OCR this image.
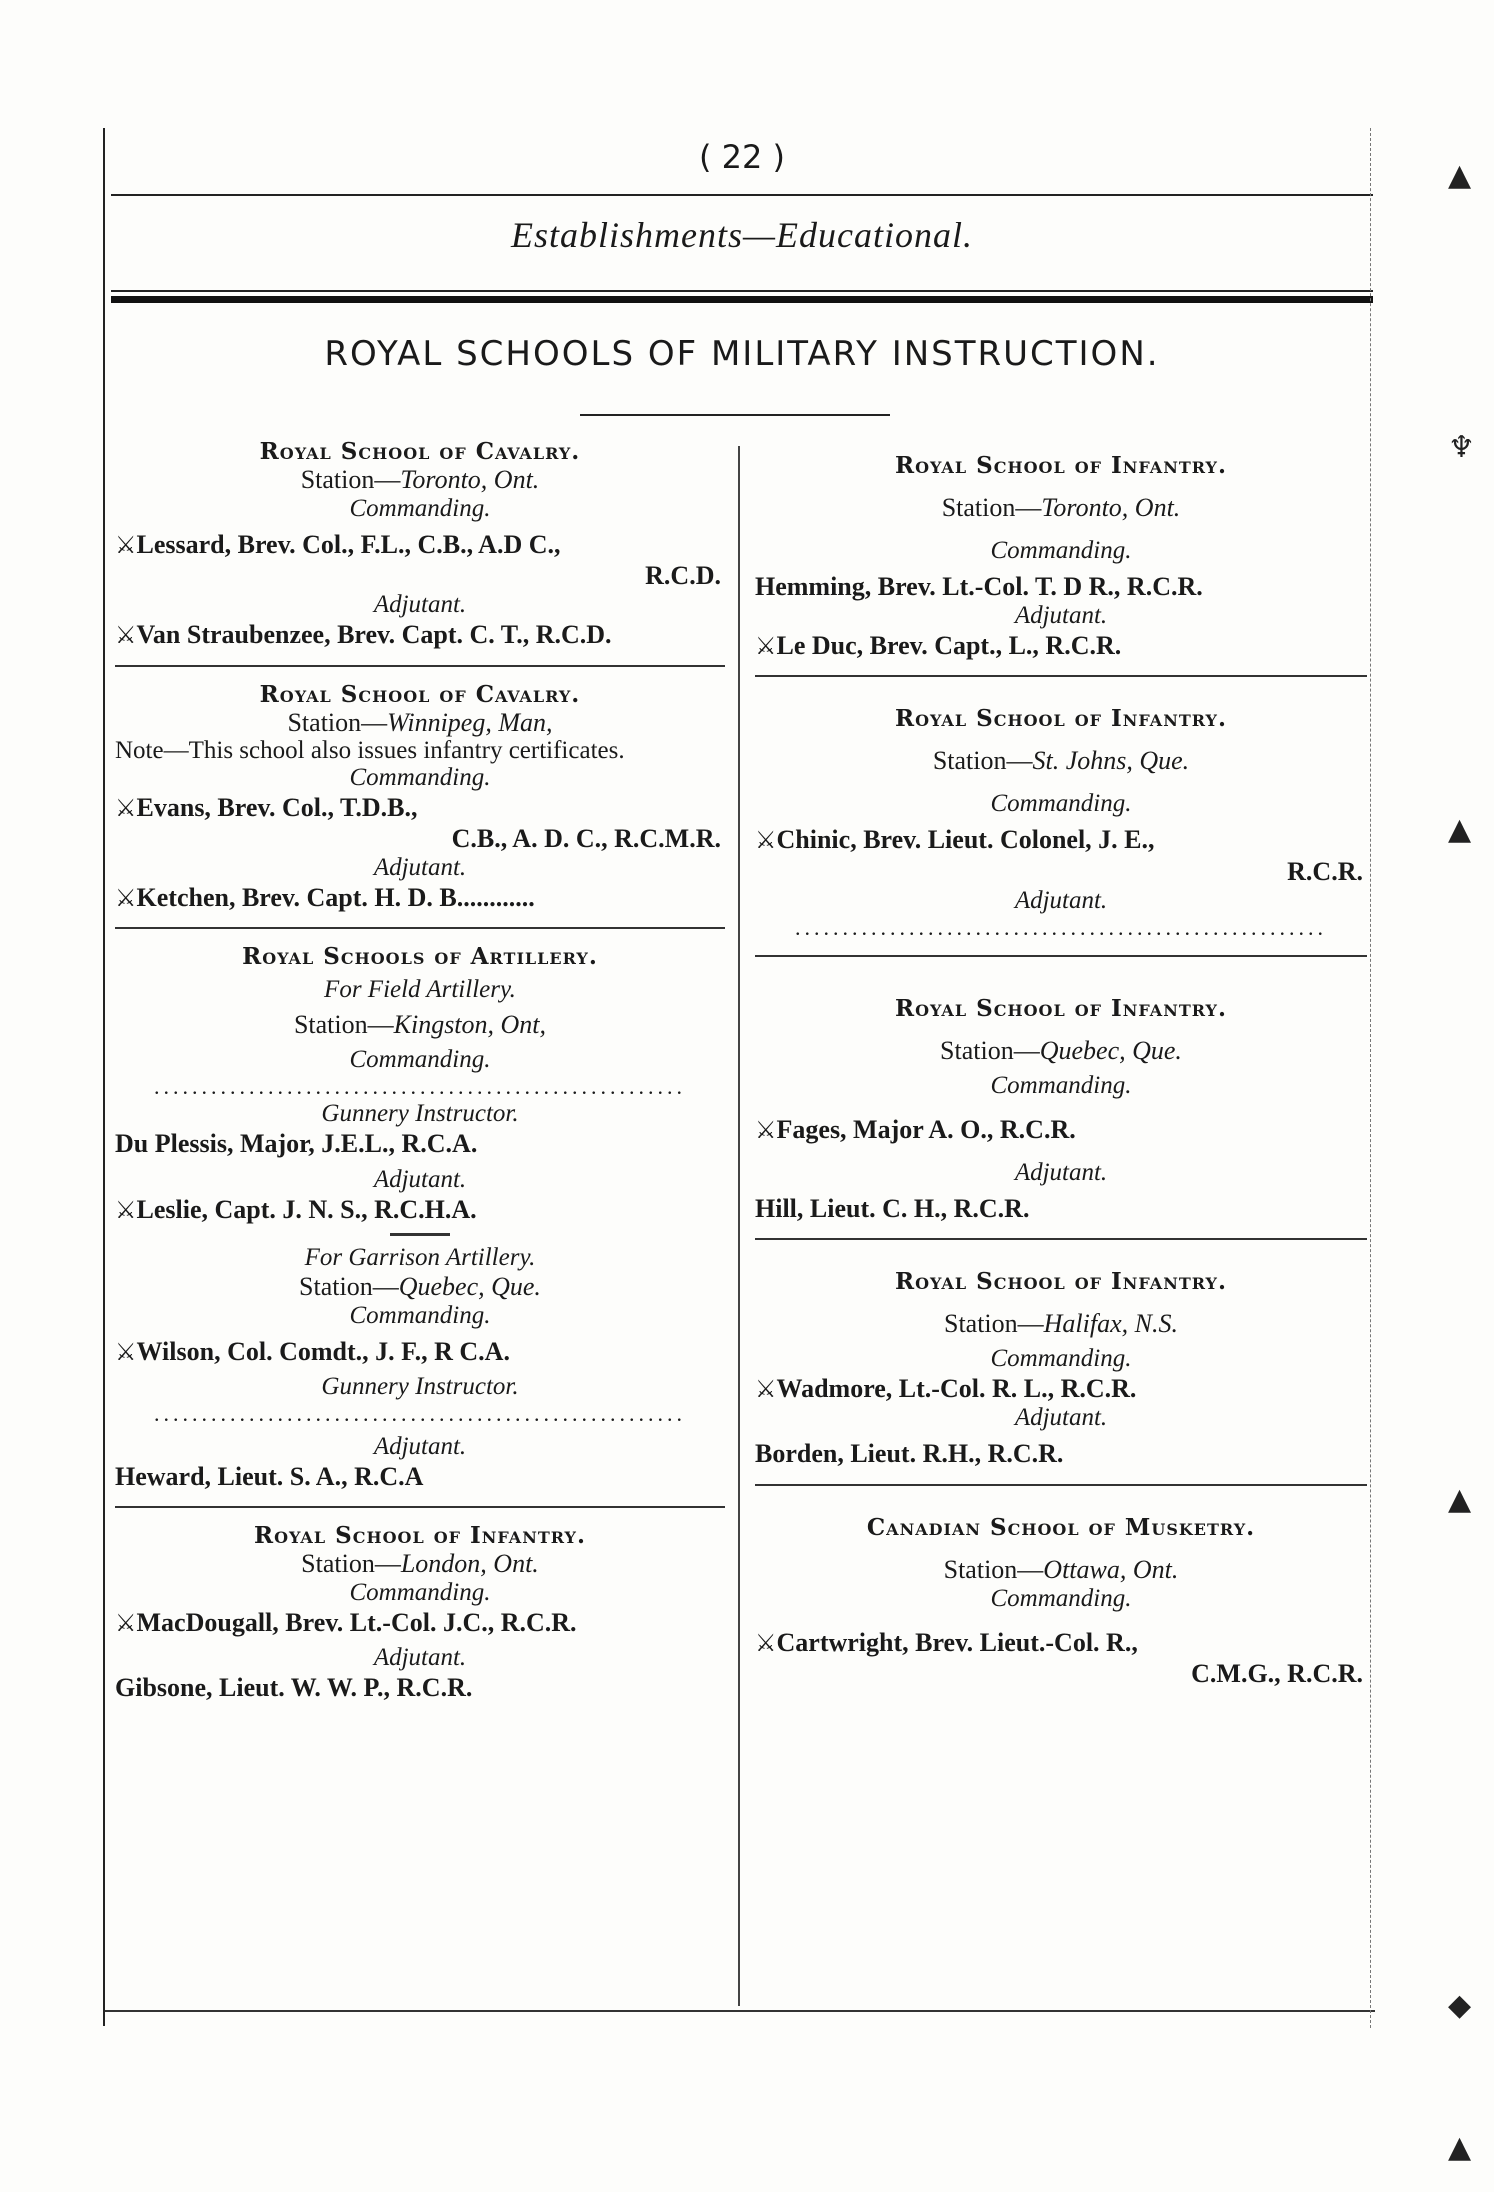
( 22 )
Establishments—Educational.
ROYAL SCHOOLS OF MILITARY INSTRUCTION.
Royal School of Cavalry.
Station—Toronto, Ont.
Commanding.
⚔Lessard, Brev. Col., F.L., C.B., A.D C.,
R.C.D.
Adjutant.
⚔Van Straubenzee, Brev. Capt. C. T., R.C.D.
Royal School of Cavalry.
Station—Winnipeg, Man,
Note—This school also issues infantry certificates.
Commanding.
⚔Evans, Brev. Col., T.D.B.,
C.B., A. D. C., R.C.M.R.
Adjutant.
⚔Ketchen, Brev. Capt. H. D. B............
Royal Schools of Artillery.
For Field Artillery.
Station—Kingston, Ont,
Commanding.
........................................................
Gunnery Instructor.
Du Plessis, Major, J.E.L., R.C.A.
Adjutant.
⚔Leslie, Capt. J. N. S., R.C.H.A.
For Garrison Artillery.
Station—Quebec, Que.
Commanding.
⚔Wilson, Col. Comdt., J. F., R C.A.
Gunnery Instructor.
........................................................
Adjutant.
Heward, Lieut. S. A., R.C.A
Royal School of Infantry.
Station—London, Ont.
Commanding.
⚔MacDougall, Brev. Lt.-Col. J.C., R.C.R.
Adjutant.
Gibsone, Lieut. W. W. P., R.C.R.
Royal School of Infantry.
Station—Toronto, Ont.
Commanding.
Hemming, Brev. Lt.-Col. T. D R., R.C.R.
Adjutant.
⚔Le Duc, Brev. Capt., L., R.C.R.
Royal School of Infantry.
Station—St. Johns, Que.
Commanding.
⚔Chinic, Brev. Lieut. Colonel, J. E.,
R.C.R.
Adjutant.
........................................................
Royal School of Infantry.
Station—Quebec, Que.
Commanding.
⚔Fages, Major A. O., R.C.R.
Adjutant.
Hill, Lieut. C. H., R.C.R.
Royal School of Infantry.
Station—Halifax, N.S.
Commanding.
⚔Wadmore, Lt.-Col. R. L., R.C.R.
Adjutant.
Borden, Lieut. R.H., R.C.R.
Canadian School of Musketry.
Station—Ottawa, Ont.
Commanding.
⚔Cartwright, Brev. Lieut.-Col. R.,
C.M.G., R.C.R.
▲
♆
▲
▲
◆
▲
